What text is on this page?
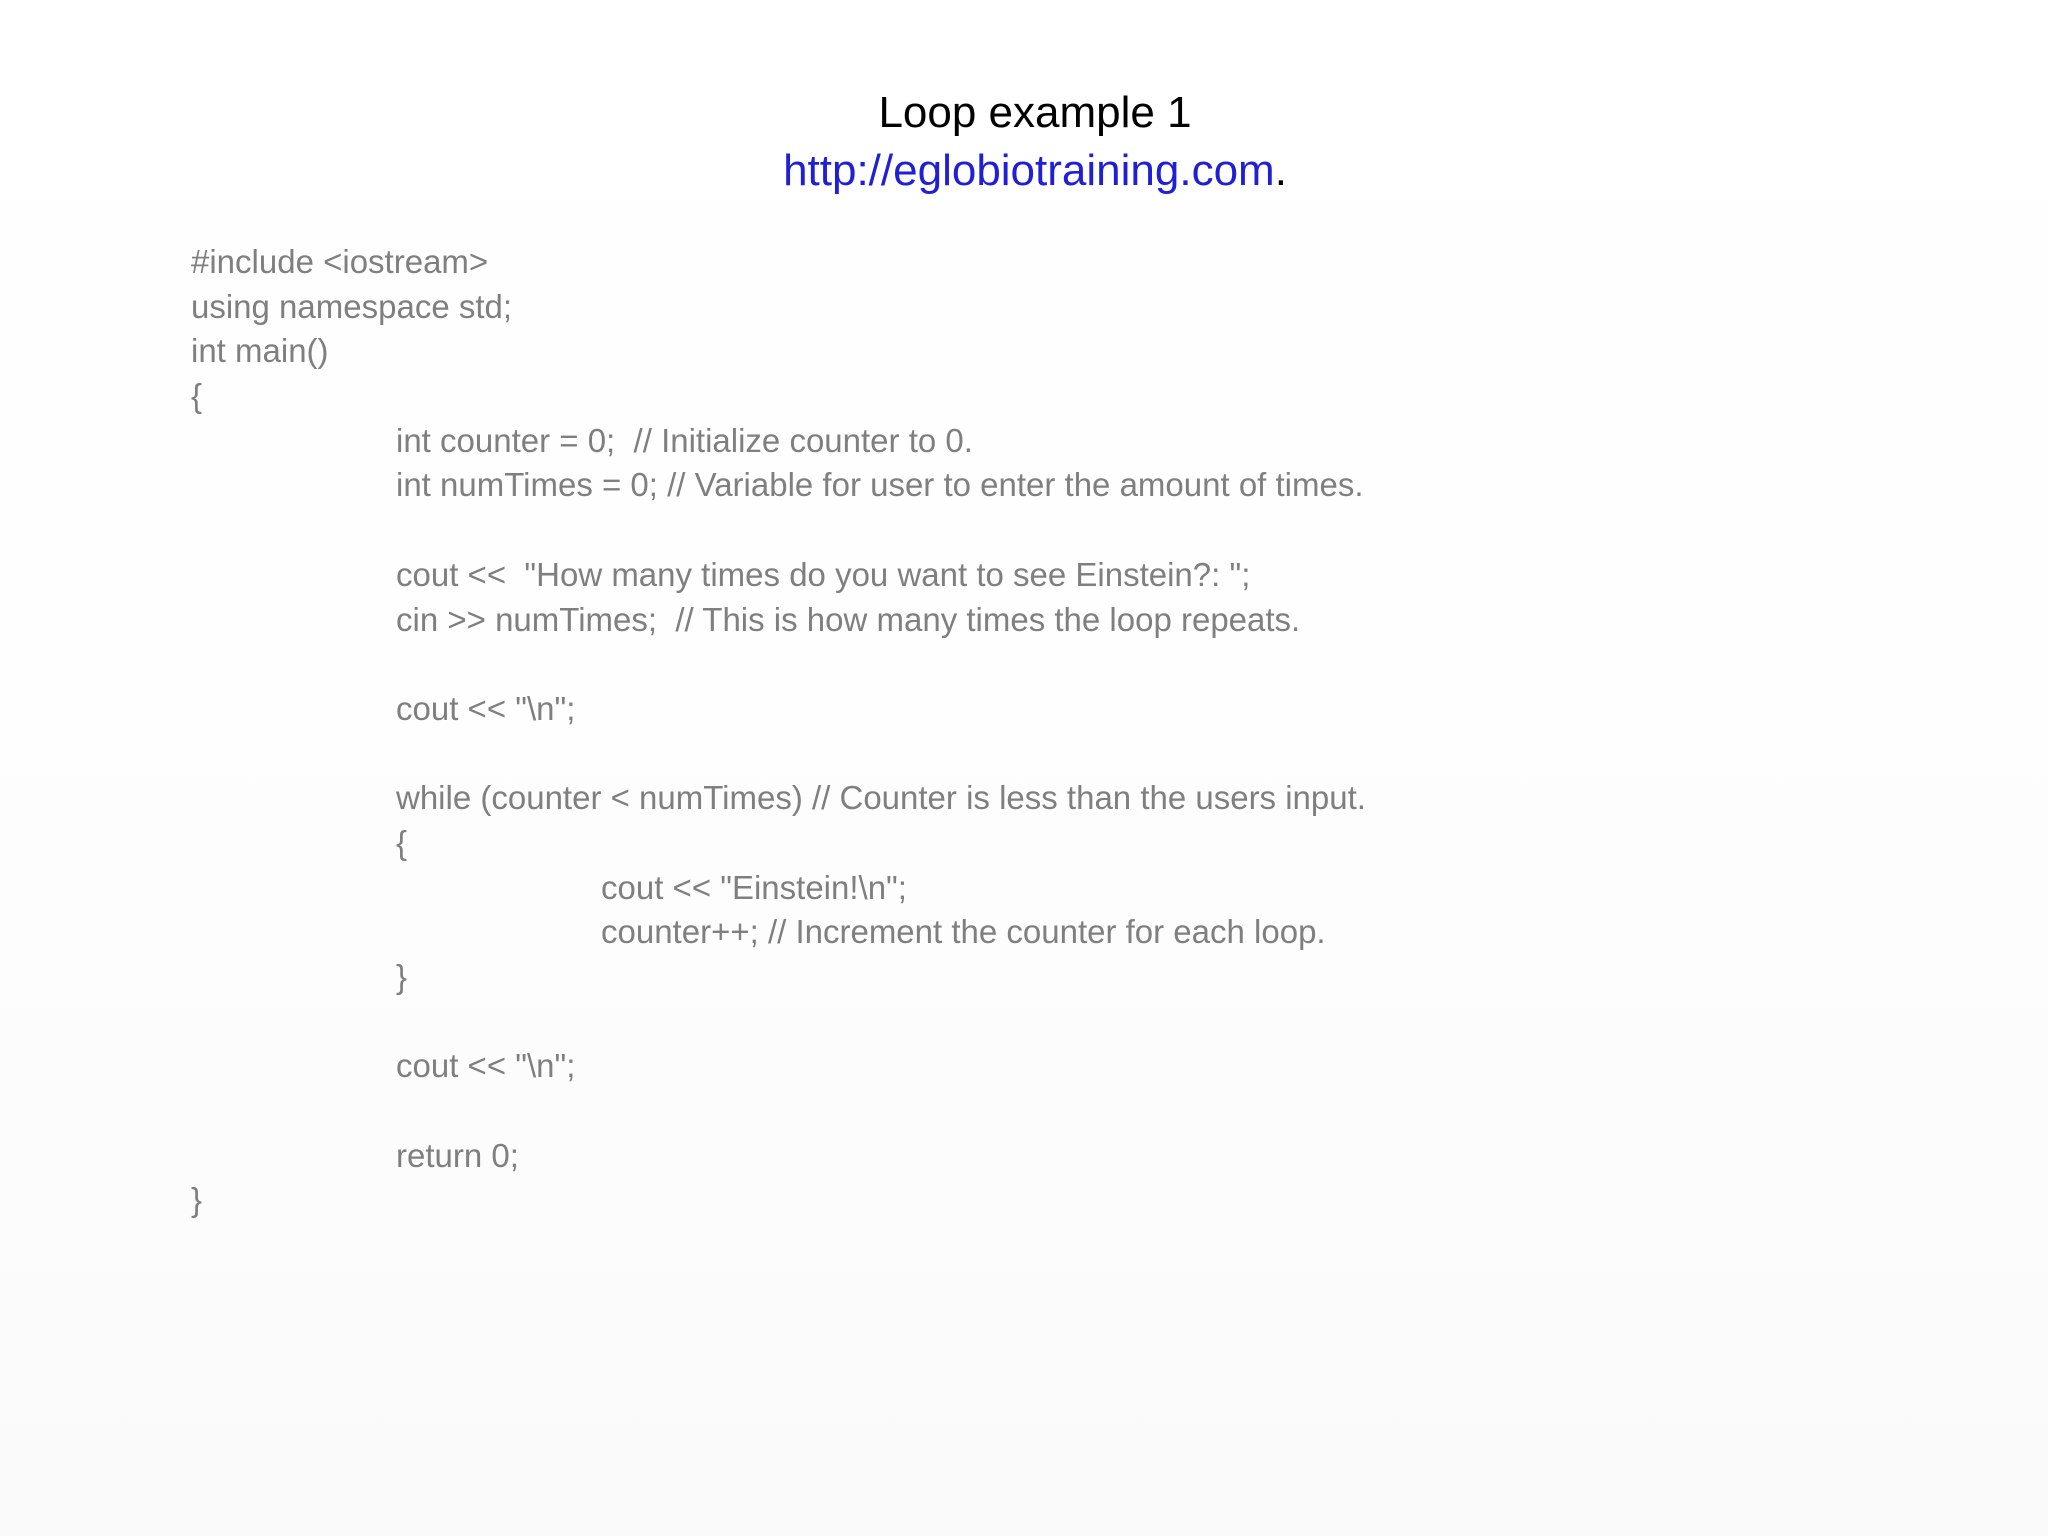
Loop example 1
http://eglobiotraining.com.
#include <iostream>
using namespace std;
int main()
{
int counter = 0;  // Initialize counter to 0.
int numTimes = 0; // Variable for user to enter the amount of times.
cout <<  "How many times do you want to see Einstein?: ";
cin >> numTimes;  // This is how many times the loop repeats.
cout << "\n";
while (counter < numTimes) // Counter is less than the users input.
{
cout << "Einstein!\n";
counter++; // Increment the counter for each loop.
}
cout << "\n";
return 0;
}
